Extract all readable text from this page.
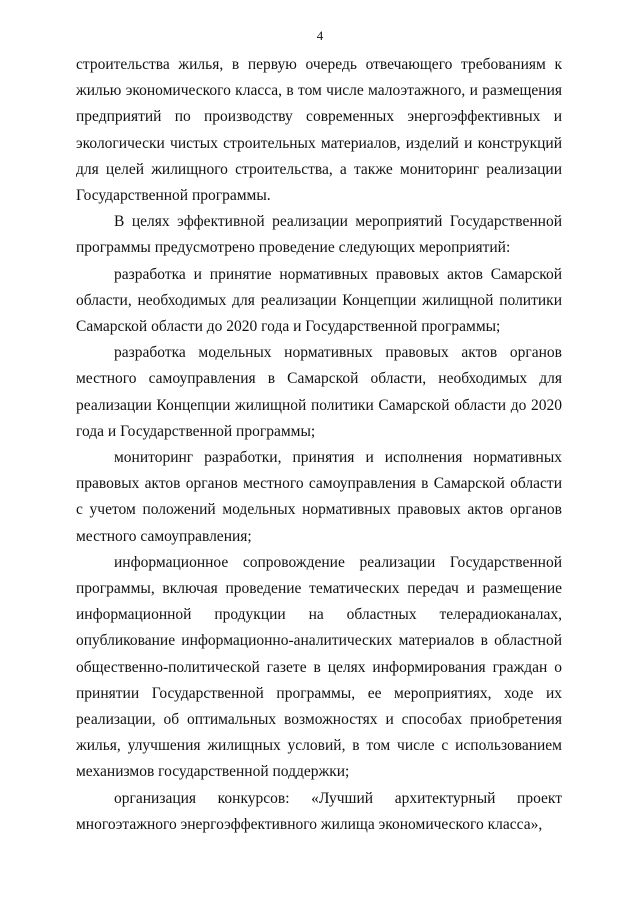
4

строительства жилья, в первую очередь отвечающего требованиям к жилью экономического класса, в том числе малоэтажного, и размещения предприятий по производству современных энергоэффективных и экологически чистых строительных материалов, изделий и конструкций для целей жилищного строительства, а также мониторинг реализации Государственной программы.

В целях эффективной реализации мероприятий Государственной программы предусмотрено проведение следующих мероприятий:

разработка и принятие нормативных правовых актов Самарской области, необходимых для реализации Концепции жилищной политики Самарской области до 2020 года и Государственной программы;

разработка модельных нормативных правовых актов органов местного самоуправления в Самарской области, необходимых для реализации Концепции жилищной политики Самарской области до 2020 года и Государственной программы;

мониторинг разработки, принятия и исполнения нормативных правовых актов органов местного самоуправления в Самарской области с учетом положений модельных нормативных правовых актов органов местного самоуправления;

информационное сопровождение реализации Государственной программы, включая проведение тематических передач и размещение информационной продукции на областных телерадиоканалах, опубликование информационно-аналитических материалов в областной общественно-политической газете в целях информирования граждан о принятии Государственной программы, ее мероприятиях, ходе их реализации, об оптимальных возможностях и способах приобретения жилья, улучшения жилищных условий, в том числе с использованием механизмов государственной поддержки;

организация конкурсов: «Лучший архитектурный проект многоэтажного энергоэффективного жилища экономического класса»,
